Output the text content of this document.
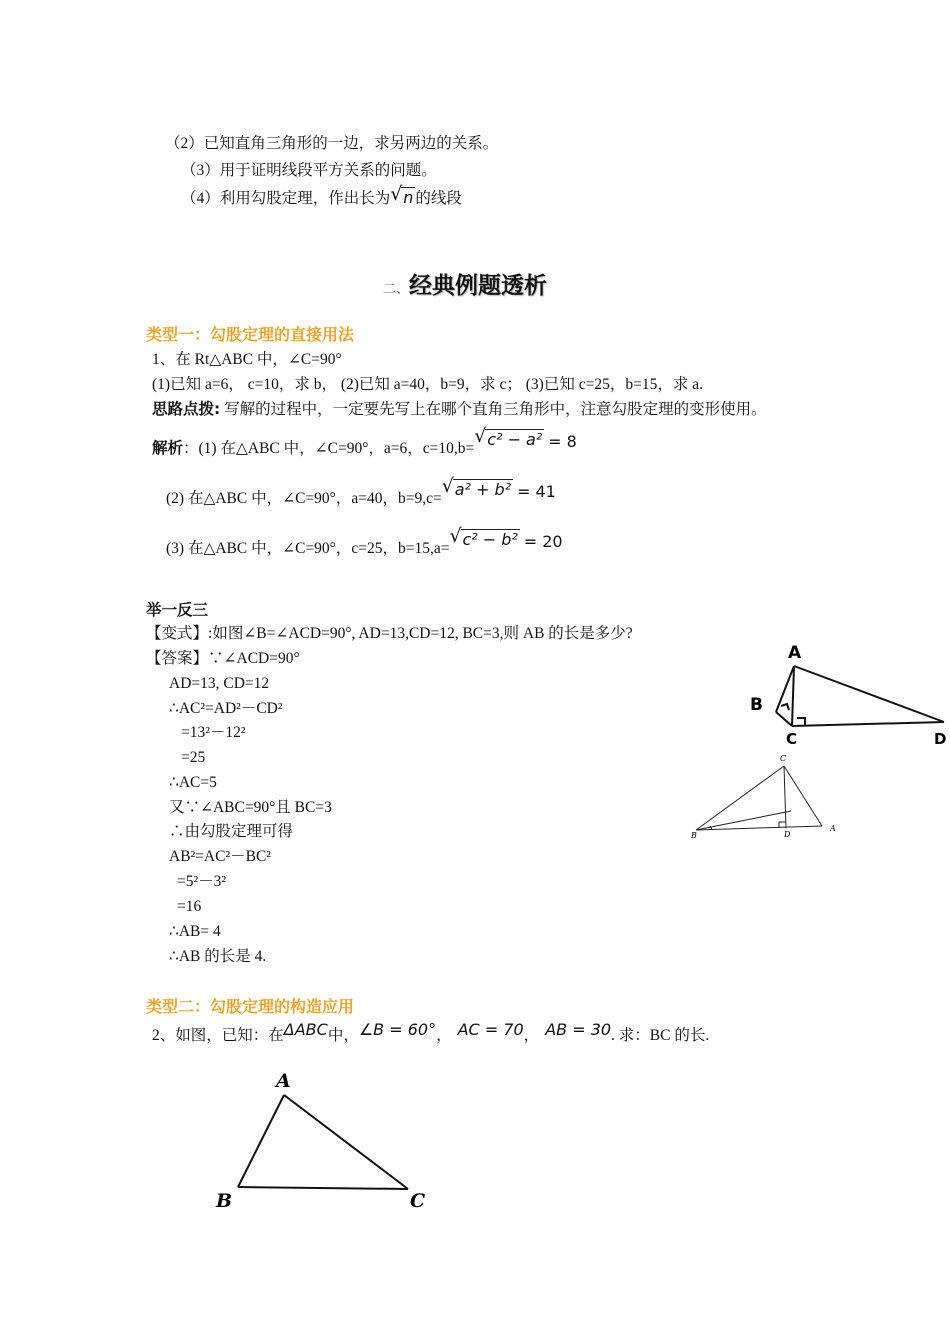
（2）已知直角三角形的一边，求另两边的关系。
（3）用于证明线段平方关系的问题。
（4）利用勾股定理，作出长为 √ n 的线段
二、经典例题透析
类型一：勾股定理的直接用法
1、在 Rt△ABC 中，∠C=90°
(1)已知 a=6， c=10，求 b， (2)已知 a=40，b=9，求 c； (3)已知 c=25，b=15，求 a.
思路点拨: 写解的过程中，一定要先写上在哪个直角三角形中，注意勾股定理的变形使用。
解析：(1) 在△ABC 中，∠C=90°，a=6，c=10,b=
√ c² − a² = 8
(2) 在△ABC 中，∠C=90°，a=40，b=9,c=
√ a² + b² = 41
(3) 在△ABC 中，∠C=90°，c=25，b=15,a=
√ c² − b² = 20
举一反三
【变式】:如图∠B=∠ACD=90°, AD=13,CD=12, BC=3,则 AB 的长是多少?
【答案】∵∠ACD=90°
AD=13, CD=12
∴AC²=AD²－CD²
=13²－12²
=25
∴AC=5
又∵∠ABC=90°且 BC=3
∴由勾股定理可得
AB²=AC²－BC²
=5²－3²
=16
∴AB= 4
∴AB 的长是 4.
A
B
C	D
C
B	D
A
类型二：勾股定理的构造应用
2、如图，已知：在ΔABC中，∠B = 60°， AC = 70， AB = 30. 求：BC 的长.
A
B	C
